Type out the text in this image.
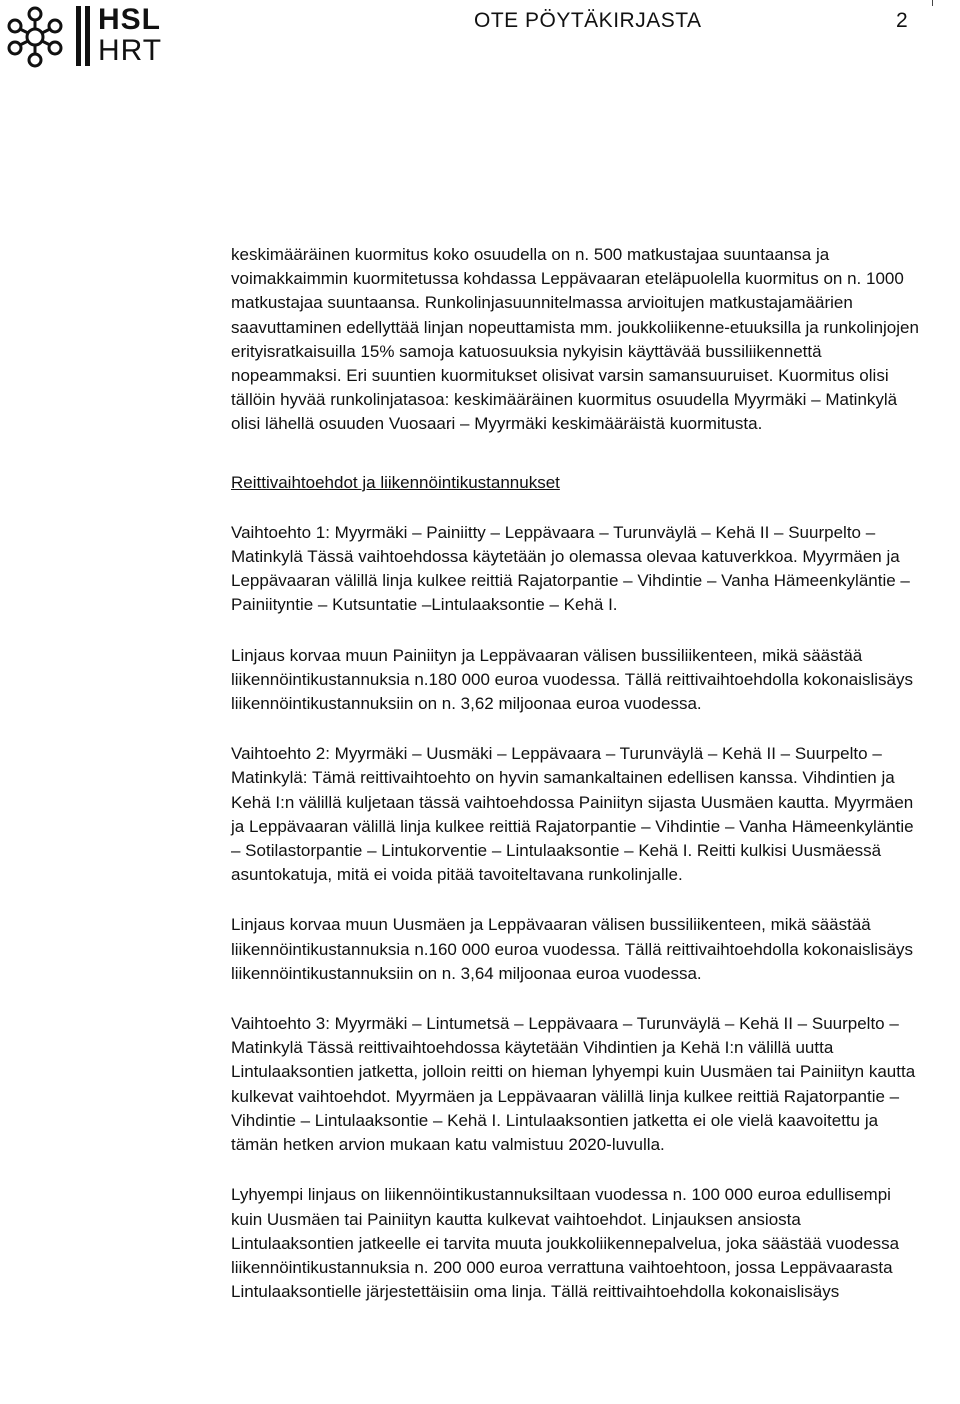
HSL
HRT
OTE PÖYTÄKIRJASTA	2

keskimääräinen kuormitus koko osuudella on n. 500 matkustajaa suuntaansa ja voimakkaimmin kuormitetussa kohdassa Leppävaaran eteläpuolella kuormitus on n. 1000 matkustajaa suuntaansa. Runkolinjasuunnitelmassa arvioitujen matkustajamäärien saavuttaminen edellyttää linjan nopeuttamista mm. joukkoliikenne-etuuksilla ja runkolinjojen erityisratkaisuilla 15% samoja katuosuuksia nykyisin käyttävää bussiliikennettä nopeammaksi. Eri suuntien kuormitukset olisivat varsin samansuuruiset. Kuormitus olisi tällöin hyvää runkolinjatasoa: keskimääräinen kuormitus osuudella Myyrmäki – Matinkylä olisi lähellä osuuden Vuosaari – Myyrmäki keskimääräistä kuormitusta.

Reittivaihtoehdot ja liikennöintikustannukset

Vaihtoehto 1: Myyrmäki – Painiitty – Leppävaara – Turunväylä – Kehä II – Suurpelto – Matinkylä Tässä vaihtoehdossa käytetään jo olemassa olevaa katuverkkoa. Myyrmäen ja Leppävaaran välillä linja kulkee reittiä Rajatorpantie – Vihdintie – Vanha Hämeenkyläntie – Painiityntie – Kutsuntatie –Lintulaaksontie – Kehä I.

Linjaus korvaa muun Painiityn ja Leppävaaran välisen bussiliikenteen, mikä säästää liikennöintikustannuksia n.180 000 euroa vuodessa. Tällä reittivaihtoehdolla kokonaislisäys liikennöintikustannuksiin on n. 3,62 miljoonaa euroa vuodessa.

Vaihtoehto 2: Myyrmäki – Uusmäki – Leppävaara – Turunväylä – Kehä II – Suurpelto – Matinkylä: Tämä reittivaihtoehto on hyvin samankaltainen edellisen kanssa. Vihdintien ja Kehä I:n välillä kuljetaan tässä vaihtoehdossa Painiityn sijasta Uusmäen kautta. Myyrmäen ja Leppävaaran välillä linja kulkee reittiä Rajatorpantie – Vihdintie – Vanha Hämeenkyläntie – Sotilastorpantie – Lintukorventie – Lintulaaksontie – Kehä I. Reitti kulkisi Uusmäessä asuntokatuja, mitä ei voida pitää tavoiteltavana runkolinjalle.

Linjaus korvaa muun Uusmäen ja Leppävaaran välisen bussiliikenteen, mikä säästää liikennöintikustannuksia n.160 000 euroa vuodessa. Tällä reittivaihtoehdolla kokonaislisäys liikennöintikustannuksiin on n. 3,64 miljoonaa euroa vuodessa.

Vaihtoehto 3: Myyrmäki – Lintumetsä – Leppävaara – Turunväylä – Kehä II – Suurpelto – Matinkylä Tässä reittivaihtoehdossa käytetään Vihdintien ja Kehä I:n välillä uutta Lintulaaksontien jatketta, jolloin reitti on hieman lyhyempi kuin Uusmäen tai Painiityn kautta kulkevat vaihtoehdot. Myyrmäen ja Leppävaaran välillä linja kulkee reittiä Rajatorpantie – Vihdintie – Lintulaaksontie – Kehä I. Lintulaaksontien jatketta ei ole vielä kaavoitettu ja tämän hetken arvion mukaan katu valmistuu 2020-luvulla.

Lyhyempi linjaus on liikennöintikustannuksiltaan vuodessa n. 100 000 euroa edullisempi kuin Uusmäen tai Painiityn kautta kulkevat vaihtoehdot. Linjauksen ansiosta Lintulaaksontien jatkeelle ei tarvita muuta joukkoliikennepalvelua, joka säästää vuodessa liikennöintikustannuksia n. 200 000 euroa verrattuna vaihtoehtoon, jossa Leppävaarasta Lintulaaksontielle järjestettäisiin oma linja. Tällä reittivaihtoehdolla kokonaislisäys
